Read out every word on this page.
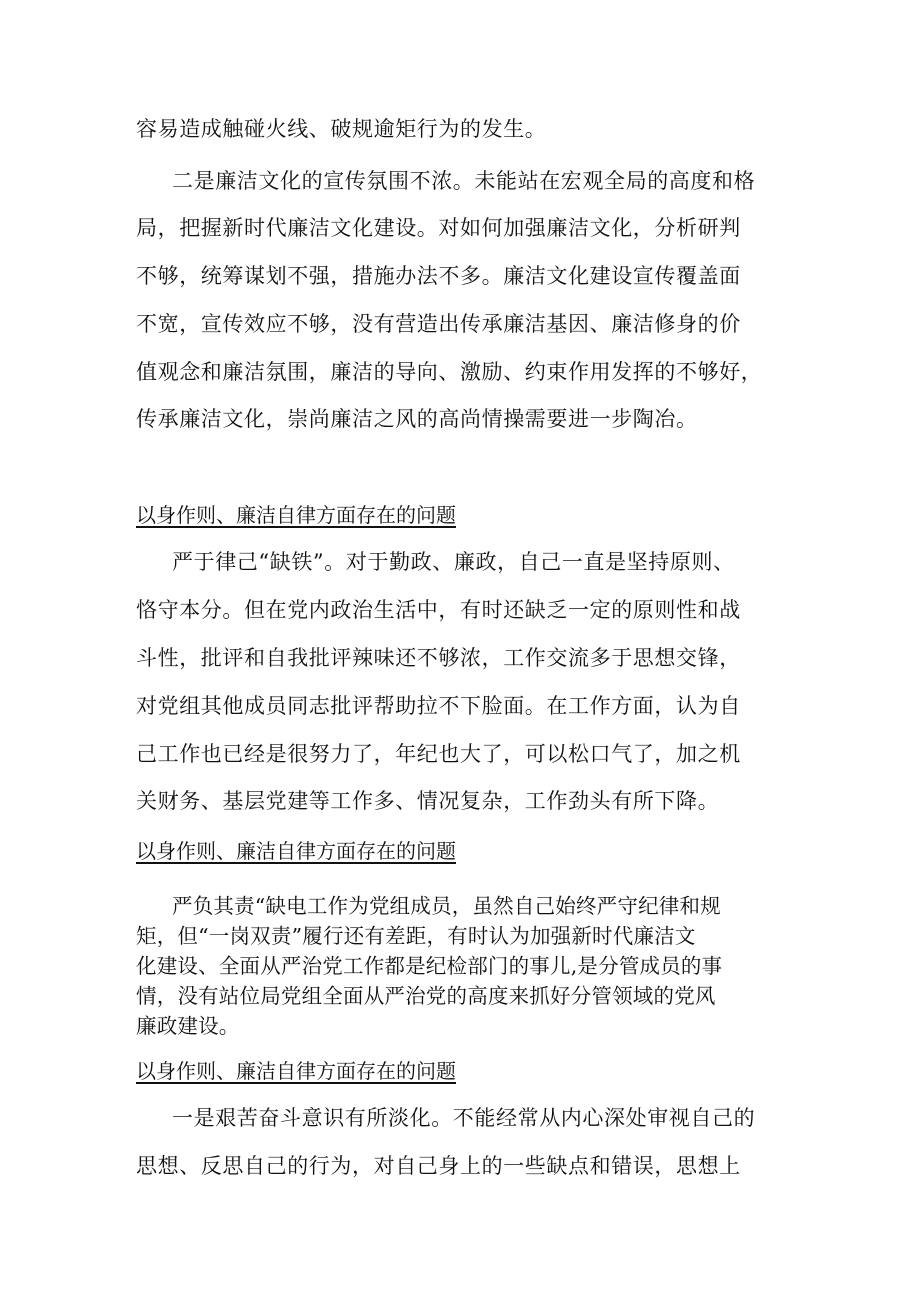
容易造成触碰火线、破规逾矩行为的发生。
二是廉洁文化的宣传氛围不浓。未能站在宏观全局的高度和格
局，把握新时代廉洁文化建设。对如何加强廉洁文化，分析研判
不够，统筹谋划不强，措施办法不多。廉洁文化建设宣传覆盖面
不宽，宣传效应不够，没有营造出传承廉洁基因、廉洁修身的价
值观念和廉洁氛围，廉洁的导向、激励、约束作用发挥的不够好，
传承廉洁文化，崇尚廉洁之风的高尚情操需要进一步陶冶。
以身作则、廉洁自律方面存在的问题
严于律己“缺铁”。对于勤政、廉政，自己一直是坚持原则、
恪守本分。但在党内政治生活中，有时还缺乏一定的原则性和战
斗性，批评和自我批评辣味还不够浓，工作交流多于思想交锋，
对党组其他成员同志批评帮助拉不下脸面。在工作方面，认为自
己工作也已经是很努力了，年纪也大了，可以松口气了，加之机
关财务、基层党建等工作多、情况复杂，工作劲头有所下降。
以身作则、廉洁自律方面存在的问题
严负其责“缺电工作为党组成员，虽然自己始终严守纪律和规
矩，但“一岗双责”履行还有差距，有时认为加强新时代廉洁文
化建设、全面从严治党工作都是纪检部门的事儿,是分管成员的事
情，没有站位局党组全面从严治党的高度来抓好分管领域的党风
廉政建设。
以身作则、廉洁自律方面存在的问题
一是艰苦奋斗意识有所淡化。不能经常从内心深处审视自己的
思想、反思自己的行为，对自己身上的一些缺点和错误，思想上
